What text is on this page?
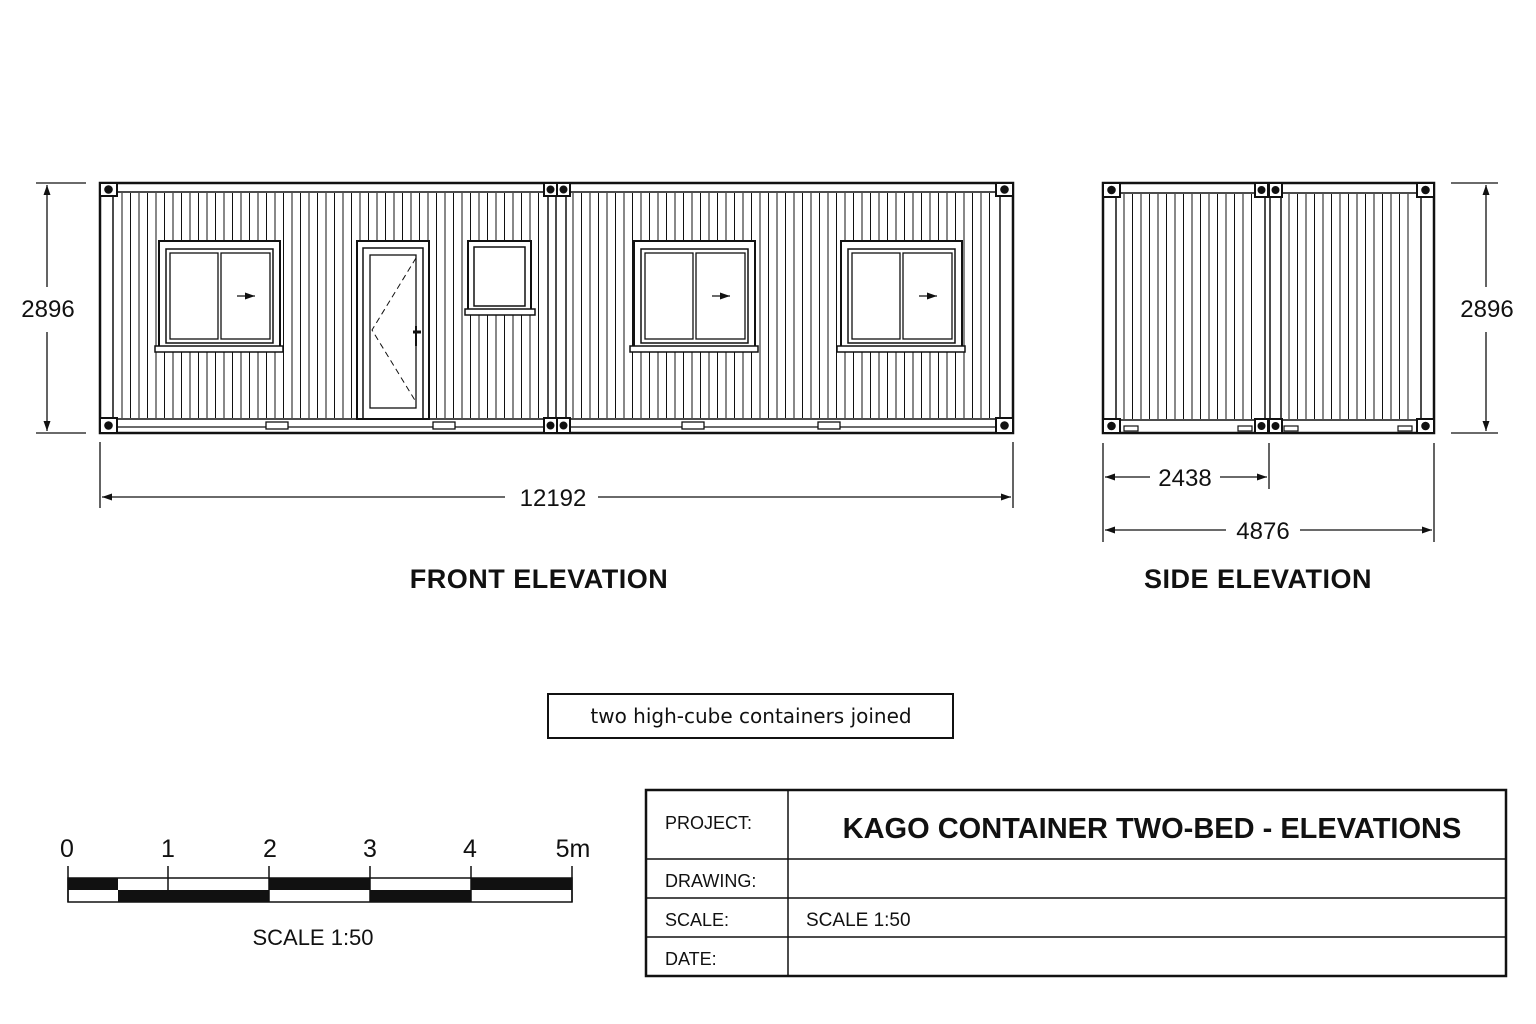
2896
12192
FRONT ELEVATION
2896
2438
4876
SIDE ELEVATION
two high-cube containers joined
0	1	2	3	4	5m
SCALE 1:50
PROJECT:	KAGO CONTAINER TWO-BED - ELEVATIONS
DRAWING:
SCALE:	SCALE 1:50
DATE:
